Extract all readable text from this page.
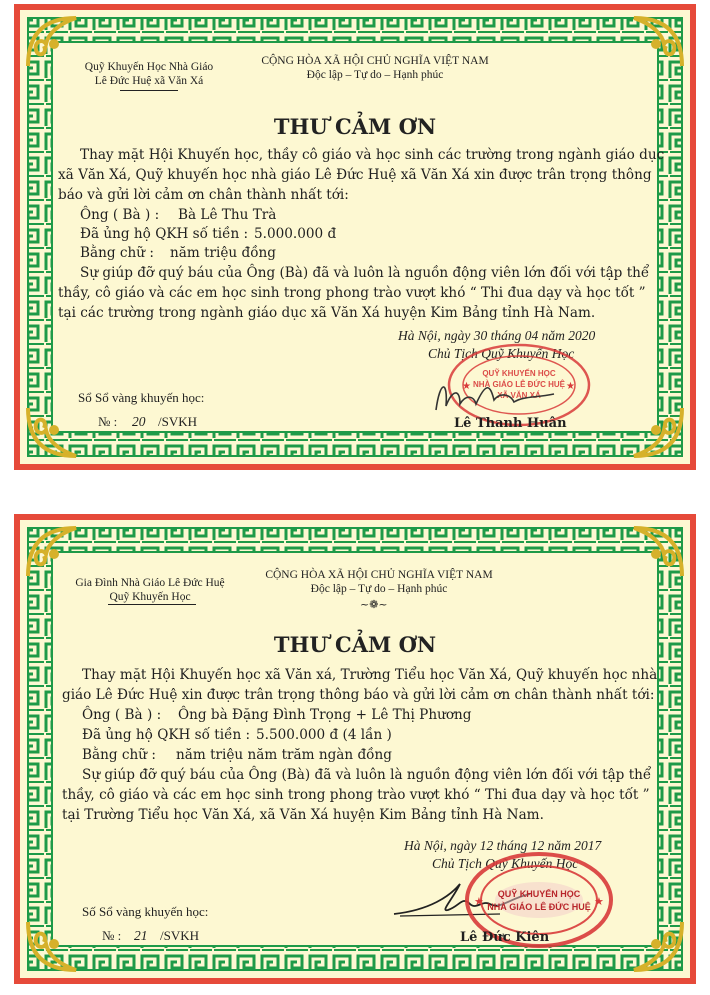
Quỹ Khuyến Học Nhà Giáo
Lê Đức Huệ xã Văn Xá
CỘNG HÒA XÃ HỘI CHỦ NGHĨA VIỆT NAM
Độc lập – Tự do – Hạnh phúc
THƯ CẢM ƠN
Thay mặt Hội Khuyến học, thầy cô giáo và học sinh các trường trong ngành giáo dục
xã Văn Xá, Quỹ khuyến học nhà giáo Lê Đức Huệ xã Văn Xá xin được trân trọng thông
báo và gửi lời cảm ơn chân thành nhất tới:
Ông ( Bà ) : Bà Lê Thu Trà
Đã ủng hộ QKH số tiền : 5.000.000 đ
Bằng chữ : năm triệu đồng
Sự giúp đỡ quý báu của Ông (Bà) đã và luôn là nguồn động viên lớn đối với tập thể
thầy, cô giáo và các em học sinh trong phong trào vượt khó “ Thi đua dạy và học tốt ”
tại các trường trong ngành giáo dục xã Văn Xá huyện Kim Bảng tỉnh Hà Nam.
Hà Nội, ngày 30 tháng 04 năm 2020
Chủ Tịch Quỹ Khuyến Học
Sổ Sổ vàng khuyến học:
№ : 20 /SVKH
★	★
QUỸ KHUYẾN HỌC
NHÀ GIÁO LÊ ĐỨC HUỆ
XÃ VĂN XÁ
Lê Thanh Huân
Gia Đình Nhà Giáo Lê Đức Huệ
Quỹ Khuyến Học
CỘNG HÒA XÃ HỘI CHỦ NGHĨA VIỆT NAM
Độc lập – Tự do – Hạnh phúc
~❁~
THƯ CẢM ƠN
Thay mặt Hội Khuyến học xã Văn xá, Trường Tiểu học Văn Xá, Quỹ khuyến học nhà
giáo Lê Đức Huệ xin được trân trọng thông báo và gửi lời cảm ơn chân thành nhất tới:
Ông ( Bà ) : Ông bà Đặng Đình Trọng + Lê Thị Phương
Đã ủng hộ QKH số tiền : 5.500.000 đ (4 lần )
Bằng chữ : năm triệu năm trăm ngàn đồng
Sự giúp đỡ quý báu của Ông (Bà) đã và luôn là nguồn động viên lớn đối với tập thể
thầy, cô giáo và các em học sinh trong phong trào vượt khó “ Thi đua dạy và học tốt ”
tại Trường Tiểu học Văn Xá, xã Văn Xá huyện Kim Bảng tỉnh Hà Nam.
Hà Nội, ngày 12 tháng 12 năm 2017
Chủ Tịch Quỹ Khuyến Học
Số Sổ vàng khuyến học:
№ : 21 /SVKH
★	★
QUỸ KHUYẾN HỌC
NHÀ GIÁO LÊ ĐỨC HUỆ
Lê Đức Kiên
